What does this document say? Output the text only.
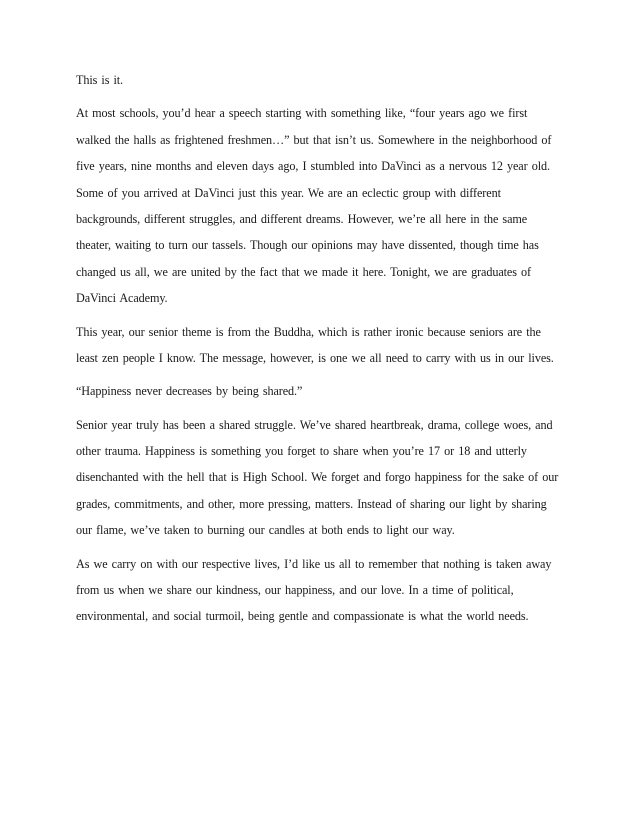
This is it.
At most schools, you’d hear a speech starting with something like, “four years ago we first
walked the halls as frightened freshmen…” but that isn’t us. Somewhere in the neighborhood of
five years, nine months and eleven days ago, I stumbled into DaVinci as a nervous 12 year old.
Some of you arrived at DaVinci just this year. We are an eclectic group with different
backgrounds, different struggles, and different dreams. However, we’re all here in the same
theater, waiting to turn our tassels. Though our opinions may have dissented, though time has
changed us all, we are united by the fact that we made it here. Tonight, we are graduates of
DaVinci Academy.
This year, our senior theme is from the Buddha, which is rather ironic because seniors are the
least zen people I know. The message, however, is one we all need to carry with us in our lives.
“Happiness never decreases by being shared.”
Senior year truly has been a shared struggle. We’ve shared heartbreak, drama, college woes, and
other trauma. Happiness is something you forget to share when you’re 17 or 18 and utterly
disenchanted with the hell that is High School. We forget and forgo happiness for the sake of our
grades, commitments, and other, more pressing, matters. Instead of sharing our light by sharing
our flame, we’ve taken to burning our candles at both ends to light our way.
As we carry on with our respective lives, I’d like us all to remember that nothing is taken away
from us when we share our kindness, our happiness, and our love. In a time of political,
environmental, and social turmoil, being gentle and compassionate is what the world needs.
